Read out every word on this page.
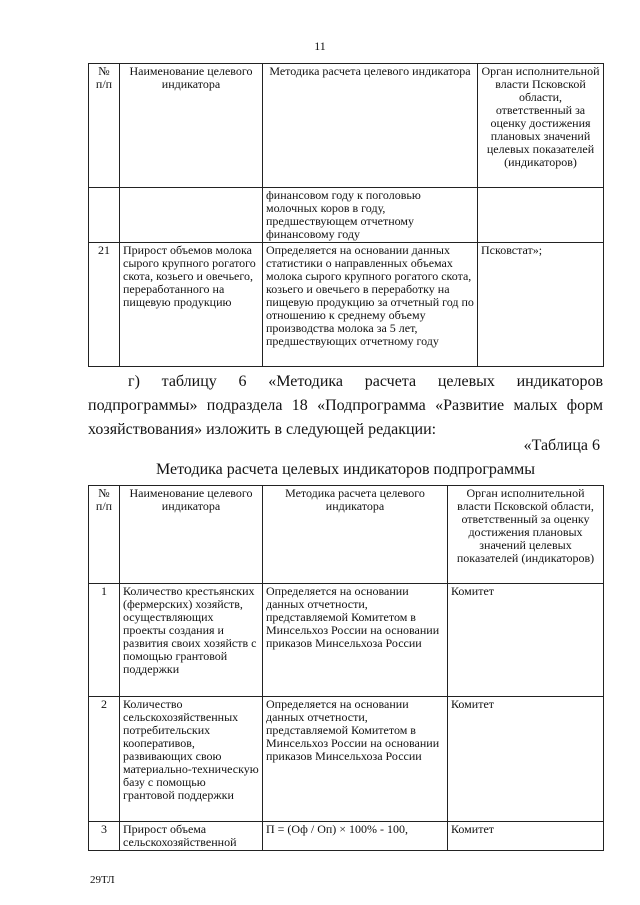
11
№ п/п	Наименование целевого индикатора	Методика расчета целевого индикатора	Орган исполнительной власти Псковской области, ответственный за оценку достижения плановых значений целевых показателей (индикаторов)
		финансовом году к поголовью молочных коров в году, предшествующем отчетному финансовому году	
21	Прирост объемов молока сырого крупного рогатого скота, козьего и овечьего, переработанного на пищевую продукцию	Определяется на основании данных статистики о направленных объемах молока сырого крупного рогатого скота, козьего и овечьего в переработку на пищевую продукцию за отчетный год по отношению к среднему объему производства молока за 5 лет, предшествующих отчетному году	Псковстат»;
г) таблицу 6 «Методика расчета целевых индикаторов подпрограммы» подраздела 18 «Подпрограмма «Развитие малых форм хозяйствования» изложить в следующей редакции:
«Таблица 6
Методика расчета целевых индикаторов подпрограммы
№ п/п	Наименование целевого индикатора	Методика расчета целевого индикатора	Орган исполнительной власти Псковской области, ответственный за оценку достижения плановых значений целевых показателей (индикаторов)
1	Количество крестьянских (фермерских) хозяйств, осуществляющих проекты создания и развития своих хозяйств с помощью грантовой поддержки	Определяется на основании данных отчетности, представляемой Комитетом в Минсельхоз России на основании приказов Минсельхоза России	Комитет
2	Количество сельскохозяйственных потребительских кооперативов, развивающих свою материально-техническую базу с помощью грантовой поддержки	Определяется на основании данных отчетности, представляемой Комитетом в Минсельхоз России на основании приказов Минсельхоза России	Комитет
3	Прирост объема сельскохозяйственной	П = (Оф / Оп) × 100% - 100,	Комитет
29ТЛ
